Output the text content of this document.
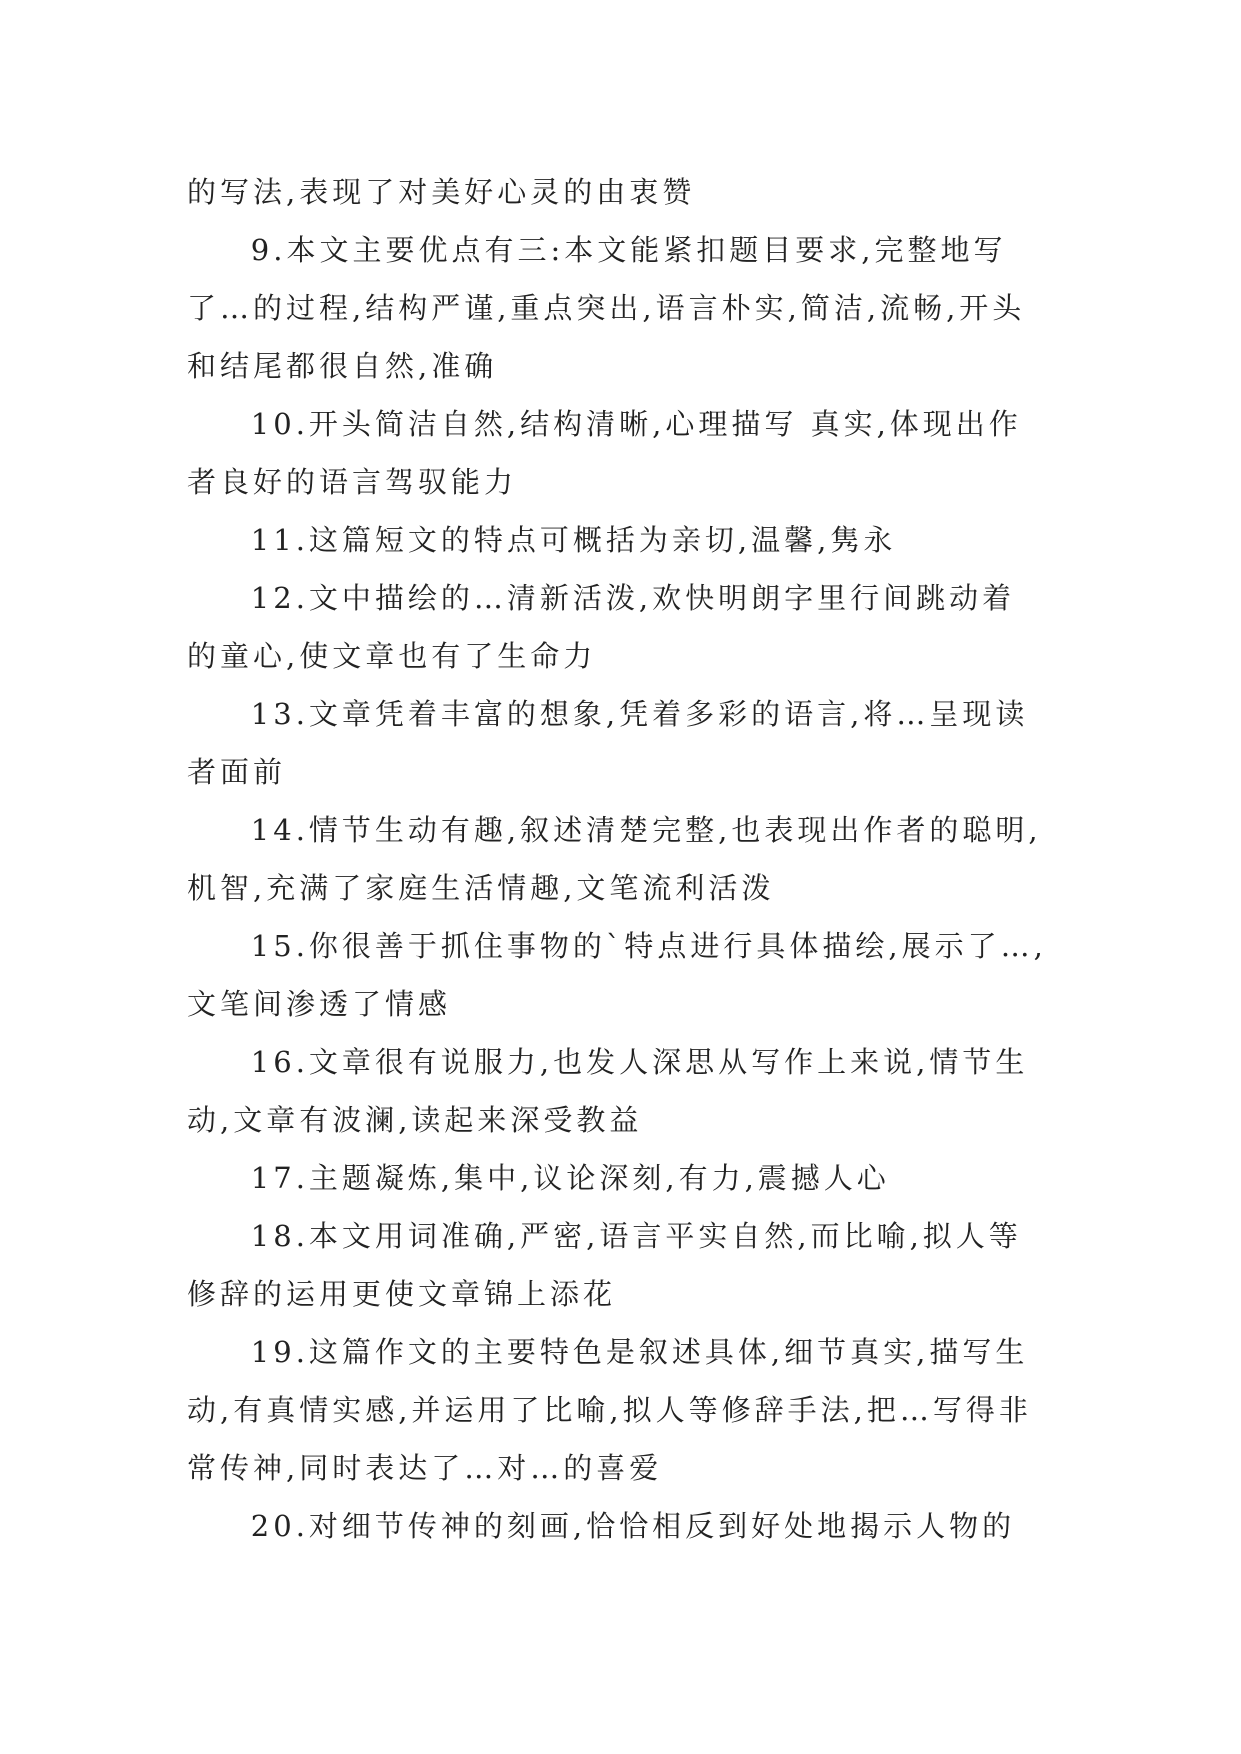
的写法,表现了对美好心灵的由衷赞

9.本文主要优点有三:本文能紧扣题目要求,完整地写了…的过程,结构严谨,重点突出,语言朴实,简洁,流畅,开头和结尾都很自然,准确

10.开头简洁自然,结构清晰,心理描写 真实,体现出作者良好的语言驾驭能力

11.这篇短文的特点可概括为亲切,温馨,隽永

12.文中描绘的…清新活泼,欢快明朗字里行间跳动着的童心,使文章也有了生命力

13.文章凭着丰富的想象,凭着多彩的语言,将…呈现读者面前

14.情节生动有趣,叙述清楚完整,也表现出作者的聪明,机智,充满了家庭生活情趣,文笔流利活泼

15.你很善于抓住事物的`特点进行具体描绘,展示了…,文笔间渗透了情感

16.文章很有说服力,也发人深思从写作上来说,情节生动,文章有波澜,读起来深受教益

17.主题凝炼,集中,议论深刻,有力,震撼人心

18.本文用词准确,严密,语言平实自然,而比喻,拟人等修辞的运用更使文章锦上添花

19.这篇作文的主要特色是叙述具体,细节真实,描写生动,有真情实感,并运用了比喻,拟人等修辞手法,把…写得非常传神,同时表达了…对…的喜爱

20.对细节传神的刻画,恰恰相反到好处地揭示人物的
